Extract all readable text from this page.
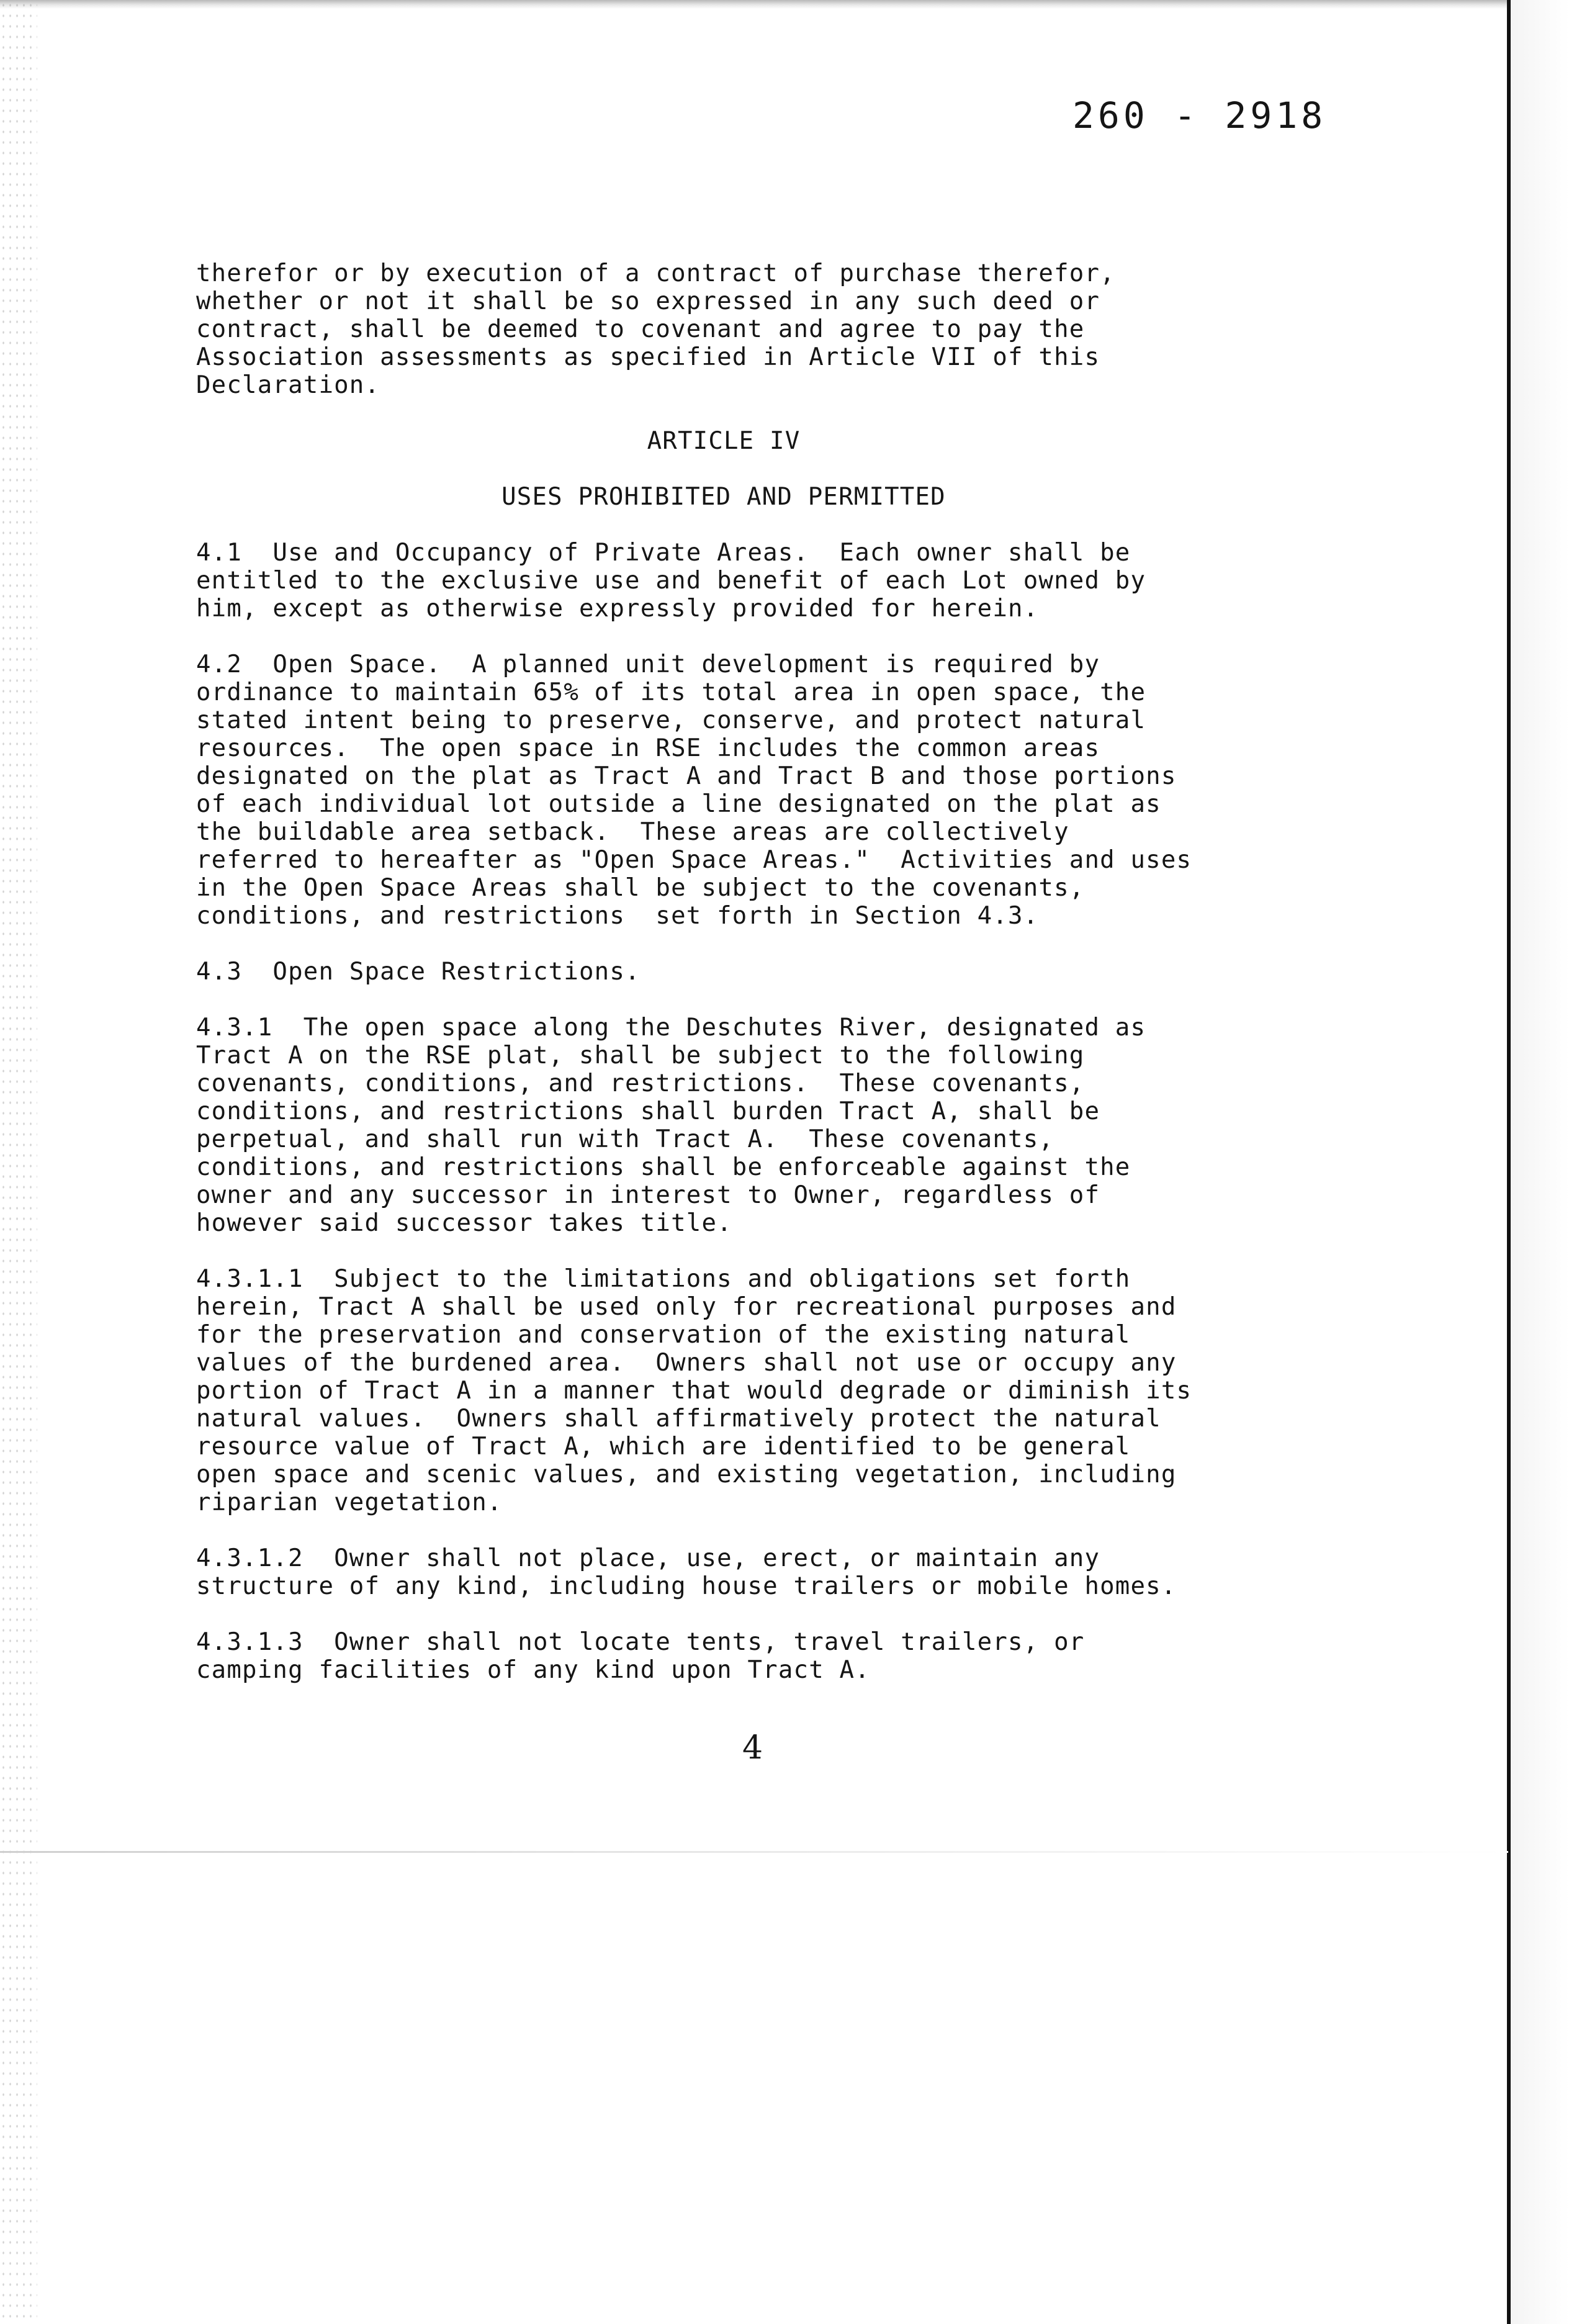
260 - 2918

therefor or by execution of a contract of purchase therefor,
whether or not it shall be so expressed in any such deed or
contract, shall be deemed to covenant and agree to pay the
Association assessments as specified in Article VII of this
Declaration.

ARTICLE IV

USES PROHIBITED AND PERMITTED

4.1  Use and Occupancy of Private Areas.  Each owner shall be
entitled to the exclusive use and benefit of each Lot owned by
him, except as otherwise expressly provided for herein.

4.2  Open Space.  A planned unit development is required by
ordinance to maintain 65% of its total area in open space, the
stated intent being to preserve, conserve, and protect natural
resources.  The open space in RSE includes the common areas
designated on the plat as Tract A and Tract B and those portions
of each individual lot outside a line designated on the plat as
the buildable area setback.  These areas are collectively
referred to hereafter as "Open Space Areas."  Activities and uses
in the Open Space Areas shall be subject to the covenants,
conditions, and restrictions  set forth in Section 4.3.

4.3  Open Space Restrictions.

4.3.1  The open space along the Deschutes River, designated as
Tract A on the RSE plat, shall be subject to the following
covenants, conditions, and restrictions.  These covenants,
conditions, and restrictions shall burden Tract A, shall be
perpetual, and shall run with Tract A.  These covenants,
conditions, and restrictions shall be enforceable against the
owner and any successor in interest to Owner, regardless of
however said successor takes title.

4.3.1.1  Subject to the limitations and obligations set forth
herein, Tract A shall be used only for recreational purposes and
for the preservation and conservation of the existing natural
values of the burdened area.  Owners shall not use or occupy any
portion of Tract A in a manner that would degrade or diminish its
natural values.  Owners shall affirmatively protect the natural
resource value of Tract A, which are identified to be general
open space and scenic values, and existing vegetation, including
riparian vegetation.

4.3.1.2  Owner shall not place, use, erect, or maintain any
structure of any kind, including house trailers or mobile homes.

4.3.1.3  Owner shall not locate tents, travel trailers, or
camping facilities of any kind upon Tract A.

4
